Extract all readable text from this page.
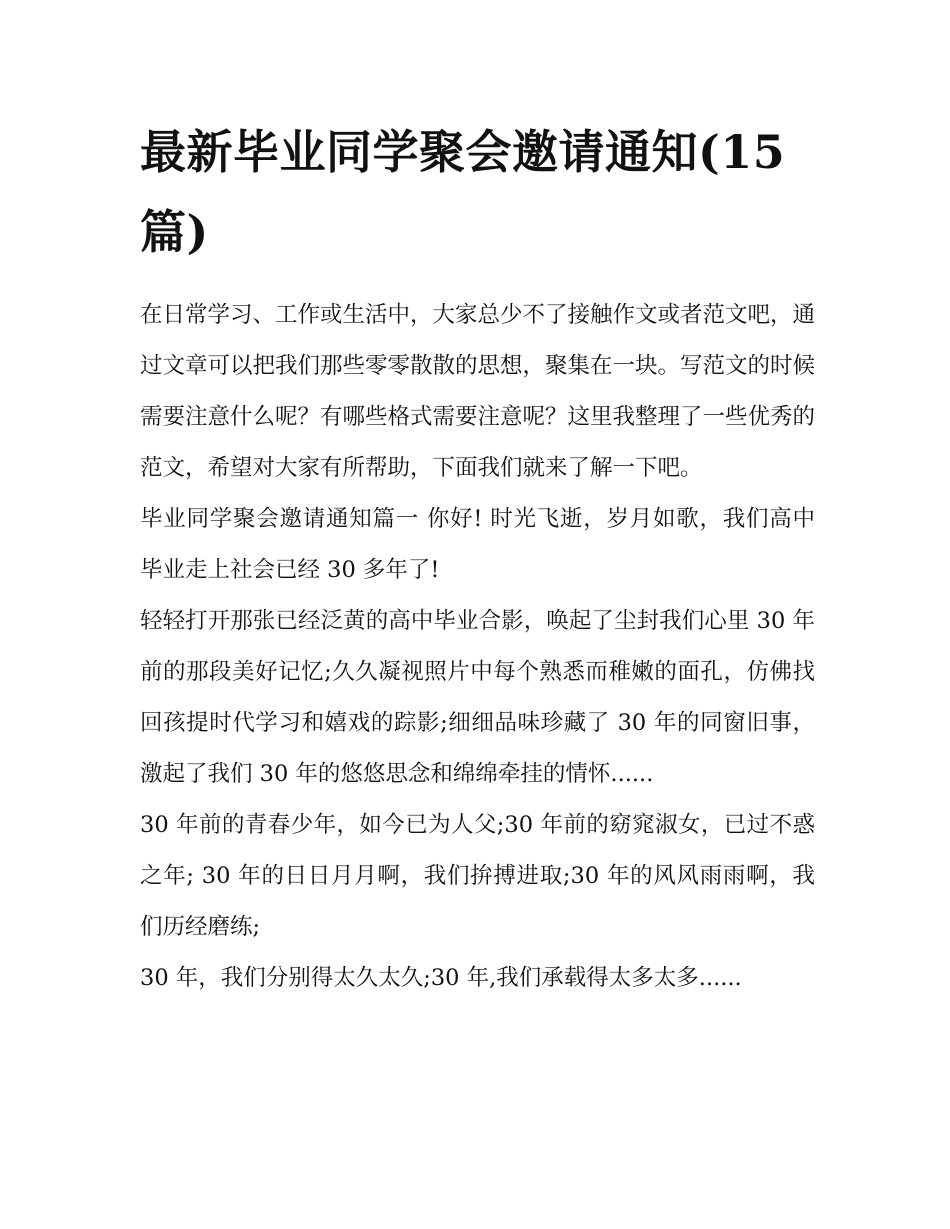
最新毕业同学聚会邀请通知(15篇)

在日常学习、工作或生活中，大家总少不了接触作文或者范文吧，通过文章可以把我们那些零零散散的思想，聚集在一块。写范文的时候需要注意什么呢？有哪些格式需要注意呢？这里我整理了一些优秀的范文，希望对大家有所帮助，下面我们就来了解一下吧。

毕业同学聚会邀请通知篇一 你好! 时光飞逝，岁月如歌，我们高中毕业走上社会已经 30 多年了!

轻轻打开那张已经泛黄的高中毕业合影，唤起了尘封我们心里 30 年前的那段美好记忆;久久凝视照片中每个熟悉而稚嫩的面孔，仿佛找回孩提时代学习和嬉戏的踪影;细细品味珍藏了 30 年的同窗旧事，激起了我们 30 年的悠悠思念和绵绵牵挂的情怀......

30 年前的青春少年，如今已为人父;30 年前的窈窕淑女，已过不惑之年; 30 年的日日月月啊，我们拚搏进取;30 年的风风雨雨啊，我们历经磨练;

30 年，我们分别得太久太久;30 年,我们承载得太多太多......
